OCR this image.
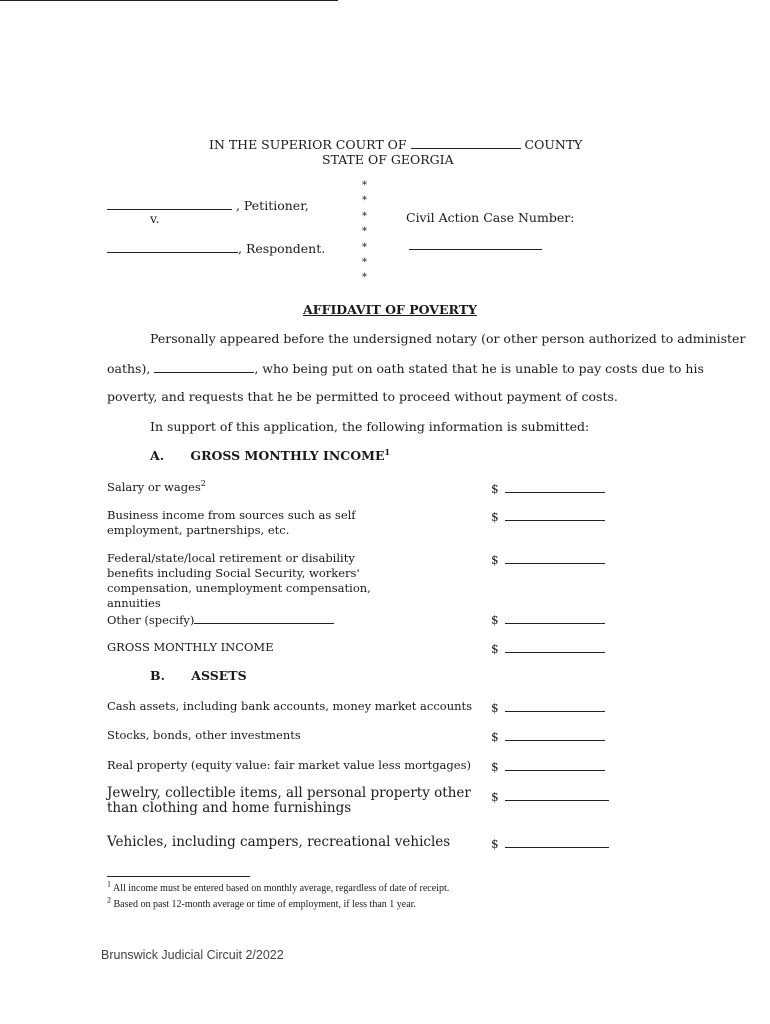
IN THE SUPERIOR COURT OF	COUNTY
STATE OF GEORGIA
, Petitioner,
v.
, Respondent.
*
*
*
*
*
*
*
Civil Action Case Number:
AFFIDAVIT OF POVERTY
Personally appeared before the undersigned notary (or other person authorized to administer
oaths),	, who being put on oath stated that he is unable to pay costs due to his
poverty, and requests that he be permitted to proceed without payment of costs.
In support of this application, the following information is submitted:
A. GROSS MONTHLY INCOME$^1$
Salary or wages$^2$	$
Business income from sources such as self employment, partnerships, etc.
$
Federal/state/local retirement or disability benefits including Social Security, workers' compensation, unemployment compensation, annuities
$
Other (specify)	$
GROSS MONTHLY INCOME	$
B. ASSETS
Cash assets, including bank accounts, money market accounts $
Stocks, bonds, other investments	$
Real property (equity value: fair market value less mortgages) $
Jewelry, collectible items, all personal property other than clothing and home furnishings
$
Vehicles, including campers, recreational vehicles	$
$^1$ All income must be entered based on monthly average, regardless of date of receipt.
$^2$ Based on past 12-month average or time of employment, if less than 1 year.
Brunswick Judicial Circuit 2/2022
